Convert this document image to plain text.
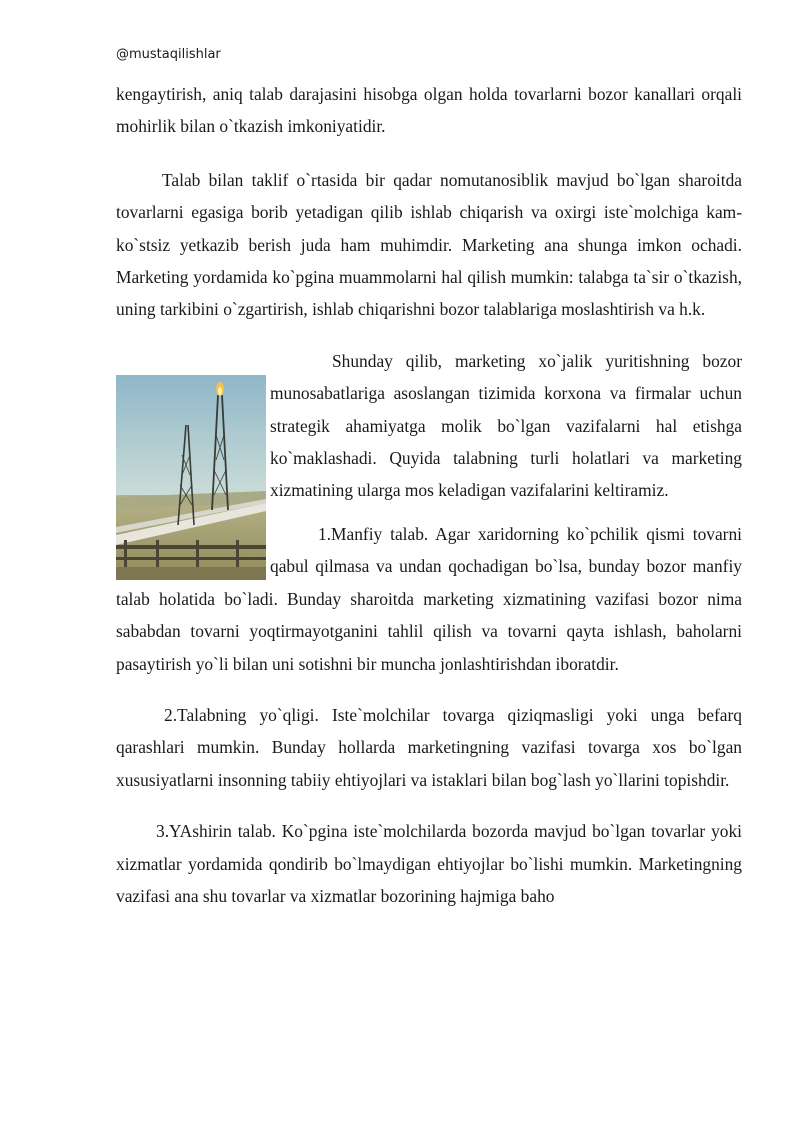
@mustaqilishlar

kengaytirish, aniq talab darajasini hisobga olgan holda tovarlarni bozor kanallari orqali mohirlik bilan o`tkazish imkoniyatidir.

Talab bilan taklif o`rtasida bir qadar nomutanosiblik mavjud bo`lgan sharoitda tovarlarni egasiga borib yetadigan qilib ishlab chiqarish va oxirgi iste`molchiga kam-ko`stsiz yetkazib berish juda ham muhimdir. Marketing ana shunga imkon ochadi. Marketing yordamida ko`pgina muammolarni hal qilish mumkin: talabga ta`sir o`tkazish, uning tarkibini o`zgartirish, ishlab chiqarishni bozor talablariga moslashtirish va h.k.

Shunday qilib, marketing xo`jalik yuritishning bozor munosabatlariga asoslangan tizimida korxona va firmalar uchun strategik ahamiyatga molik bo`lgan vazifalarni hal etishga ko`maklashadi. Quyida talabning turli holatlari va marketing xizmatining ularga mos keladigan vazifalarini keltiramiz.

1.Manfiy talab. Agar xaridorning ko`pchilik qismi tovarni qabul qilmasa va undan qochadigan bo`lsa, bunday bozor manfiy talab holatida bo`ladi. Bunday sharoitda marketing xizmatining vazifasi bozor nima sababdan tovarni yoqtirmayotganini tahlil qilish va tovarni qayta ishlash, baholarni pasaytirish yo`li bilan uni sotishni bir muncha jonlashtirishdan iboratdir.

2.Talabning yo`qligi. Iste`molchilar tovarga qiziqmasligi yoki unga befarq qarashlari mumkin. Bunday hollarda marketingning vazifasi tovarga xos bo`lgan xususiyatlarni insonning tabiiy ehtiyojlari va istaklari bilan bog`lash yo`llarini topishdir.

3.YAshirin talab. Ko`pgina iste`molchilarda bozorda mavjud bo`lgan tovarlar yoki xizmatlar yordamida qondirib bo`lmaydigan ehtiyojlar bo`lishi mumkin. Marketingning vazifasi ana shu tovarlar va xizmatlar bozorining hajmiga baho
